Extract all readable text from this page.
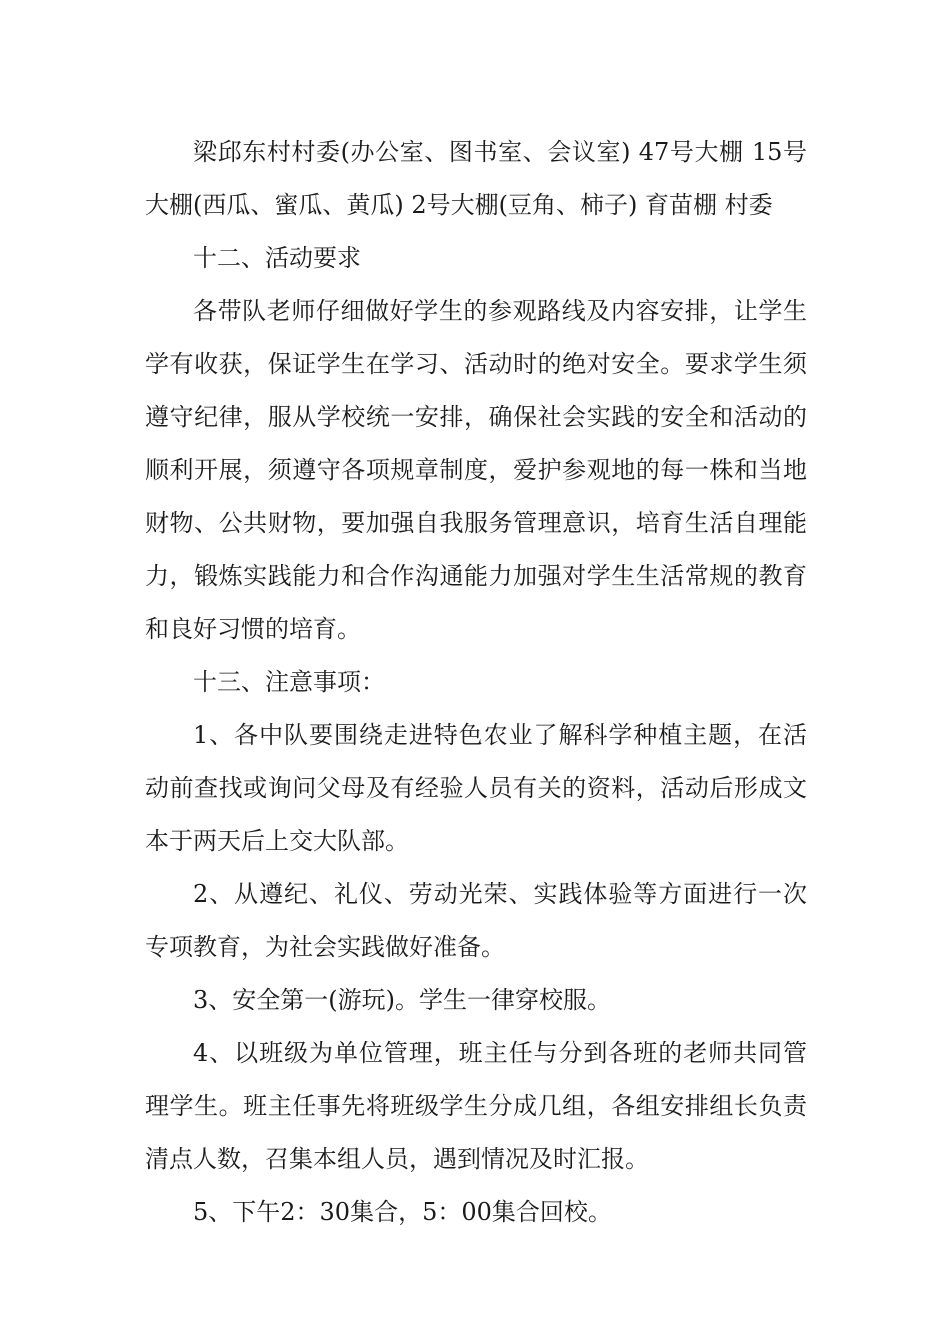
梁邱东村村委(办公室、图书室、会议室) 47号大棚 15号大棚(西瓜、蜜瓜、黄瓜) 2号大棚(豆角、柿子) 育苗棚 村委

十二、活动要求

各带队老师仔细做好学生的参观路线及内容安排，让学生学有收获，保证学生在学习、活动时的绝对安全。要求学生须遵守纪律，服从学校统一安排，确保社会实践的安全和活动的顺利开展，须遵守各项规章制度，爱护参观地的每一株和当地财物、公共财物，要加强自我服务管理意识，培育生活自理能力，锻炼实践能力和合作沟通能力加强对学生生活常规的教育和良好习惯的培育。

十三、注意事项：

1、各中队要围绕走进特色农业了解科学种植主题，在活动前查找或询问父母及有经验人员有关的资料，活动后形成文本于两天后上交大队部。

2、从遵纪、礼仪、劳动光荣、实践体验等方面进行一次专项教育，为社会实践做好准备。

3、安全第一(游玩)。学生一律穿校服。

4、以班级为单位管理，班主任与分到各班的老师共同管理学生。班主任事先将班级学生分成几组，各组安排组长负责清点人数，召集本组人员，遇到情况及时汇报。

5、下午2：30集合，5：00集合回校。
